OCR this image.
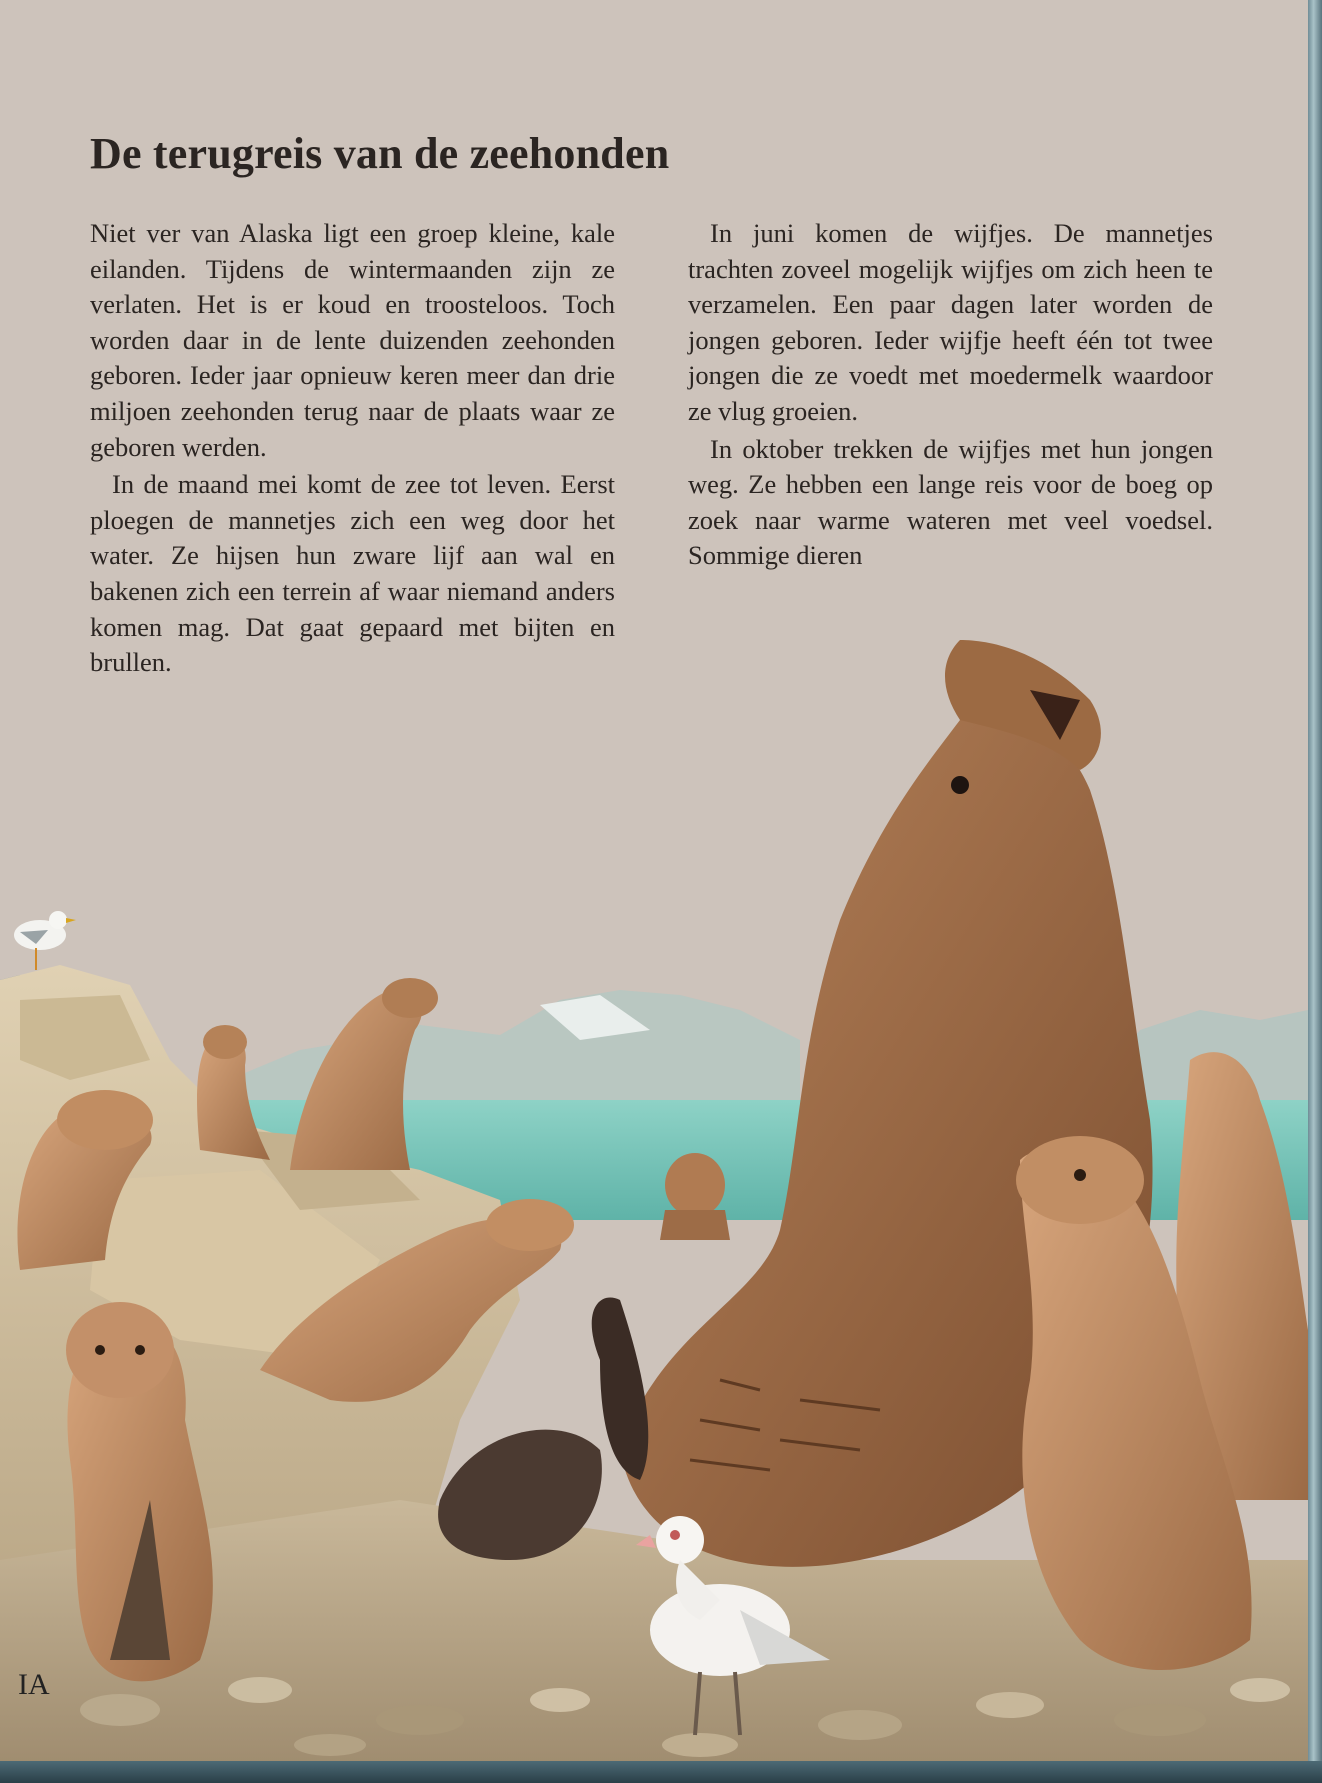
De terugreis van de zeehonden

Niet ver van Alaska ligt een groep kleine, kale eilanden. Tijdens de wintermaanden zijn ze verlaten. Het is er koud en troosteloos. Toch worden daar in de lente duizenden zeehonden geboren. Ieder jaar opnieuw keren meer dan drie miljoen zeehonden terug naar de plaats waar ze geboren werden.

In de maand mei komt de zee tot leven. Eerst ploegen de mannetjes zich een weg door het water. Ze hijsen hun zware lijf aan wal en bakenen zich een terrein af waar niemand anders komen mag. Dat gaat gepaard met bijten en brullen.

In juni komen de wijfjes. De mannetjes trachten zoveel mogelijk wijfjes om zich heen te verzamelen. Een paar dagen later worden de jongen geboren. Ieder wijfje heeft één tot twee jongen die ze voedt met moedermelk waardoor ze vlug groeien.

In oktober trekken de wijfjes met hun jongen weg. Ze hebben een lange reis voor de boeg op zoek naar warme wateren met veel voedsel. Sommige dieren

IA
